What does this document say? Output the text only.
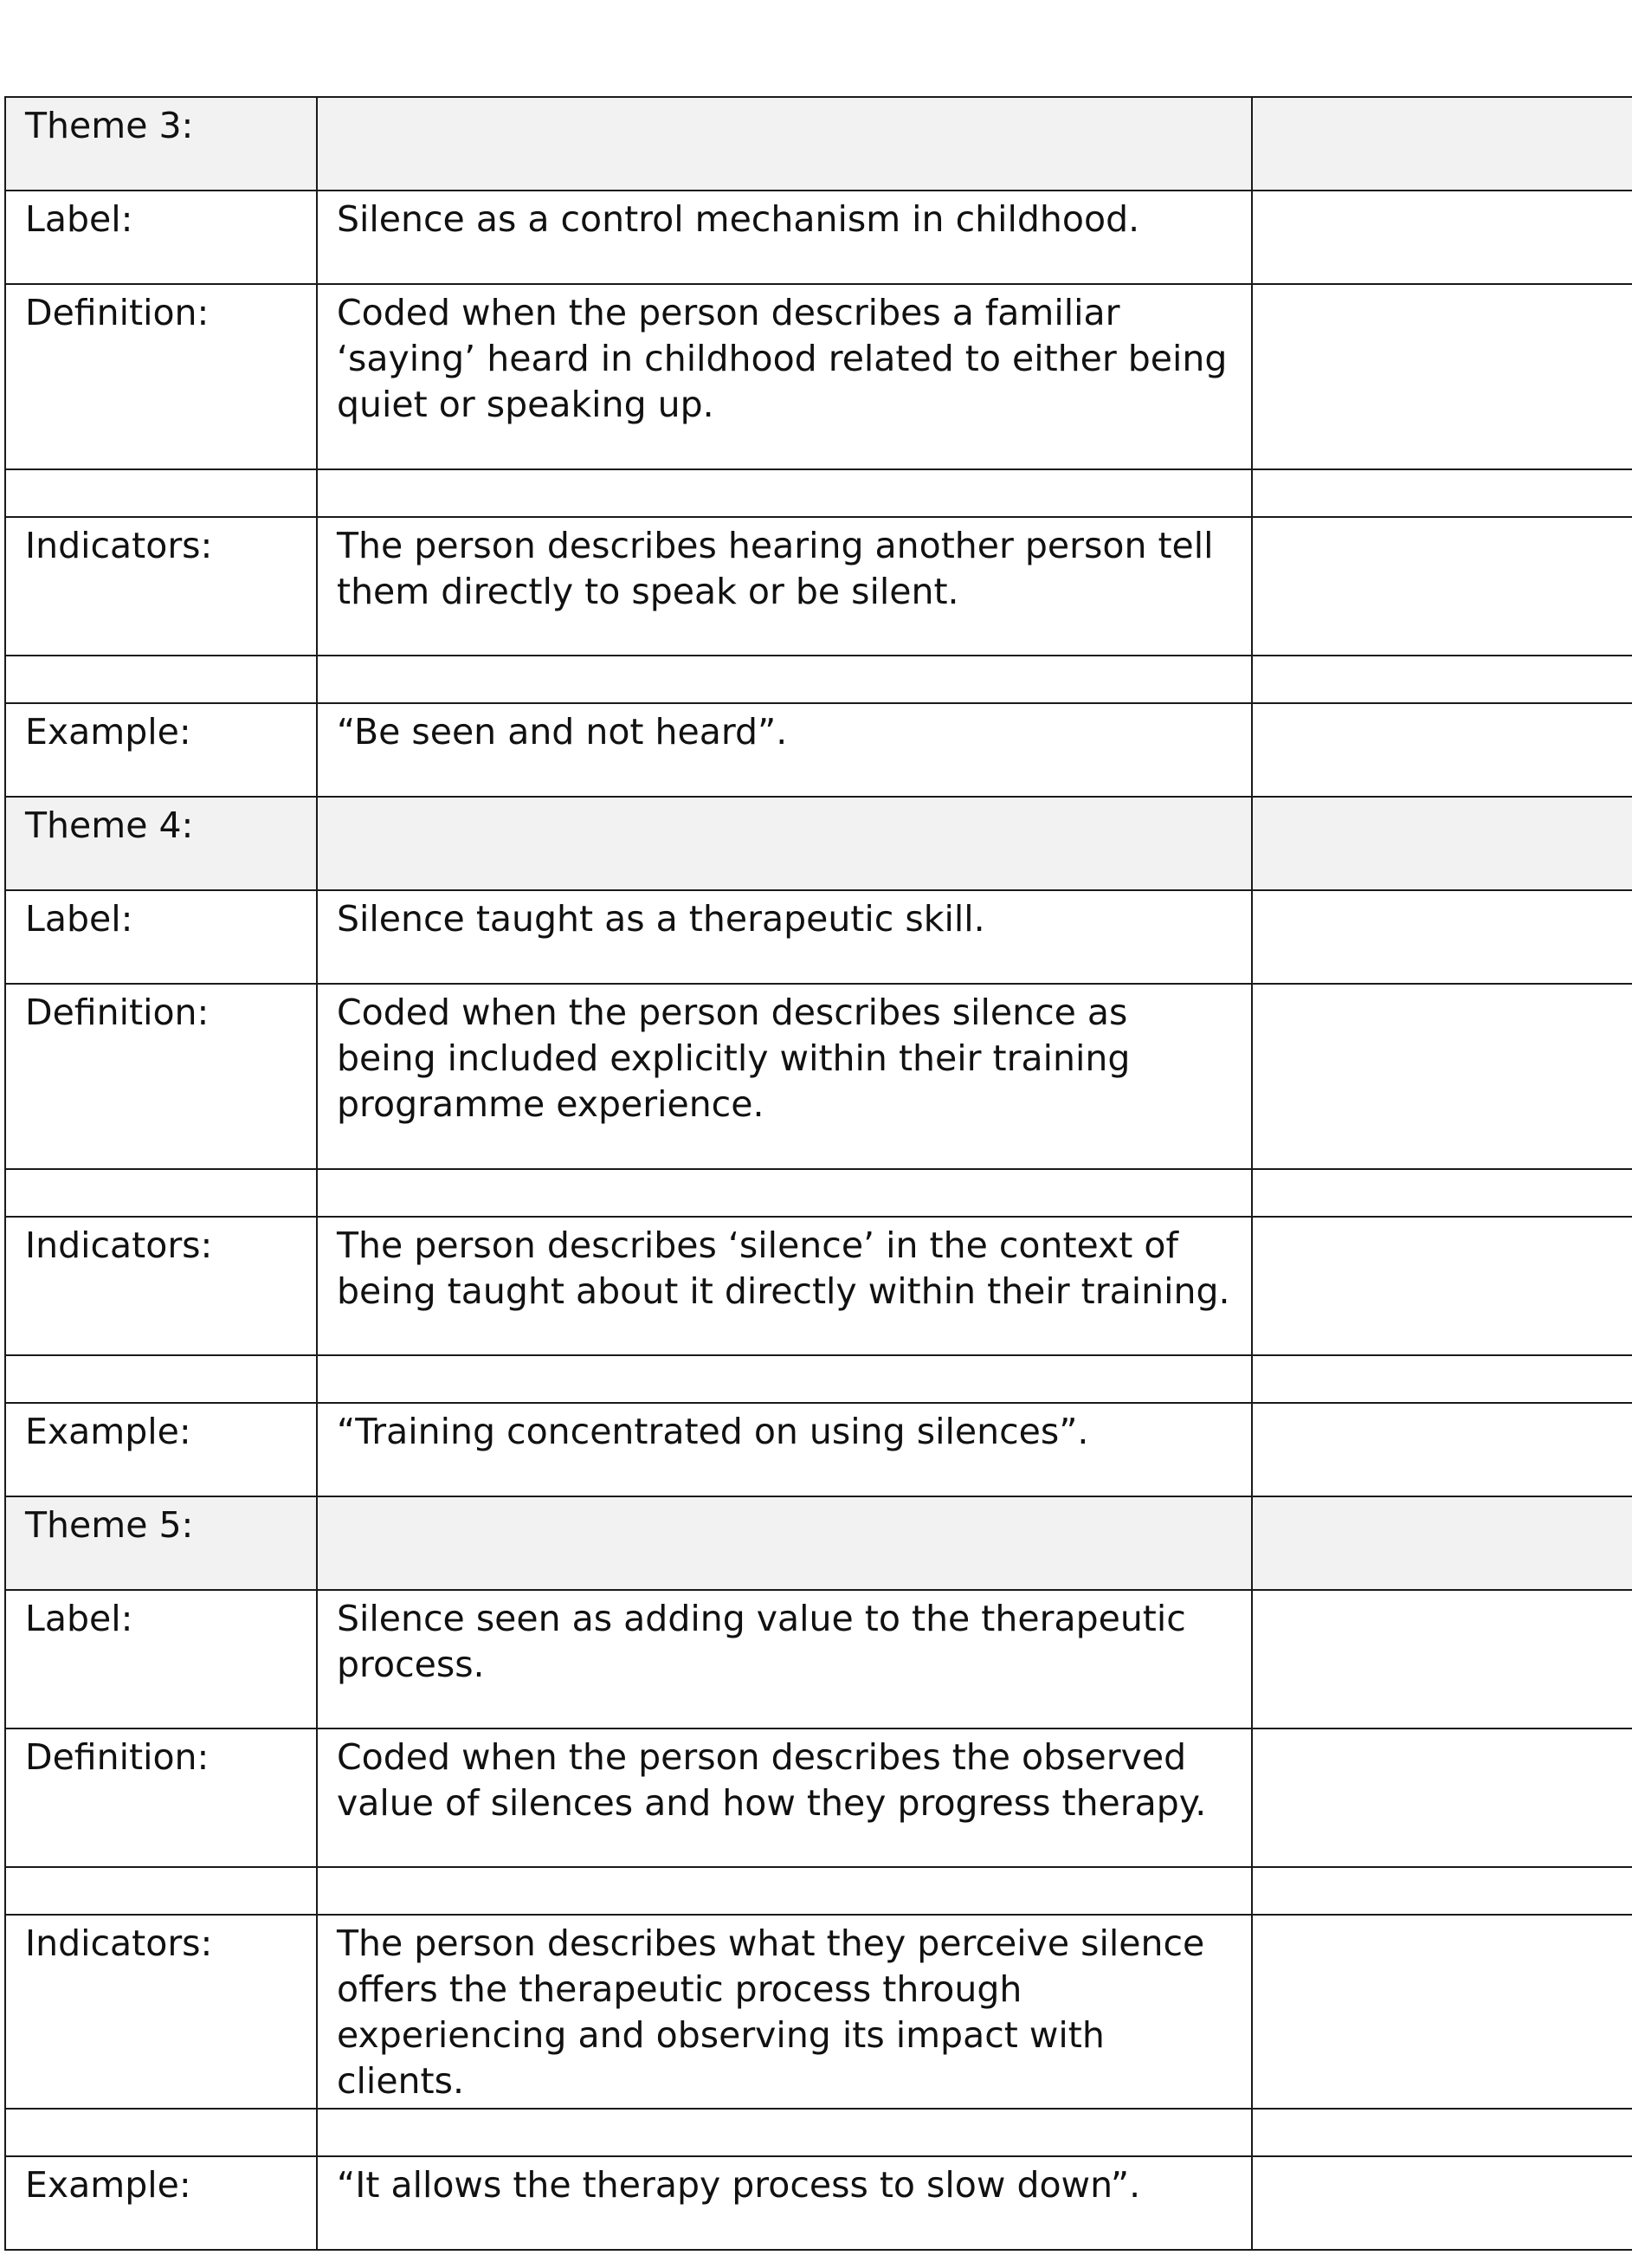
Theme 3:		
Label:	Silence as a control mechanism in childhood.	
Definition:	Coded when the person describes a familiar ‘saying’ heard in childhood related to either being quiet or speaking up.	

Indicators:	The person describes hearing another person tell them directly to speak or be silent.	

Example:	“Be seen and not heard”.	
Theme 4:		
Label:	Silence taught as a therapeutic skill.	
Definition:	Coded when the person describes silence as being included explicitly within their training programme experience.	

Indicators:	The person describes ‘silence’ in the context of being taught about it directly within their training.	

Example:	“Training concentrated on using silences”.	
Theme 5:		
Label:	Silence seen as adding value to the therapeutic process.	
Definition:	Coded when the person describes the observed value of silences and how they progress therapy.	

Indicators:	The person describes what they perceive silence offers the therapeutic process through experiencing and observing its impact with clients.	

Example:	“It allows the therapy process to slow down”.	
